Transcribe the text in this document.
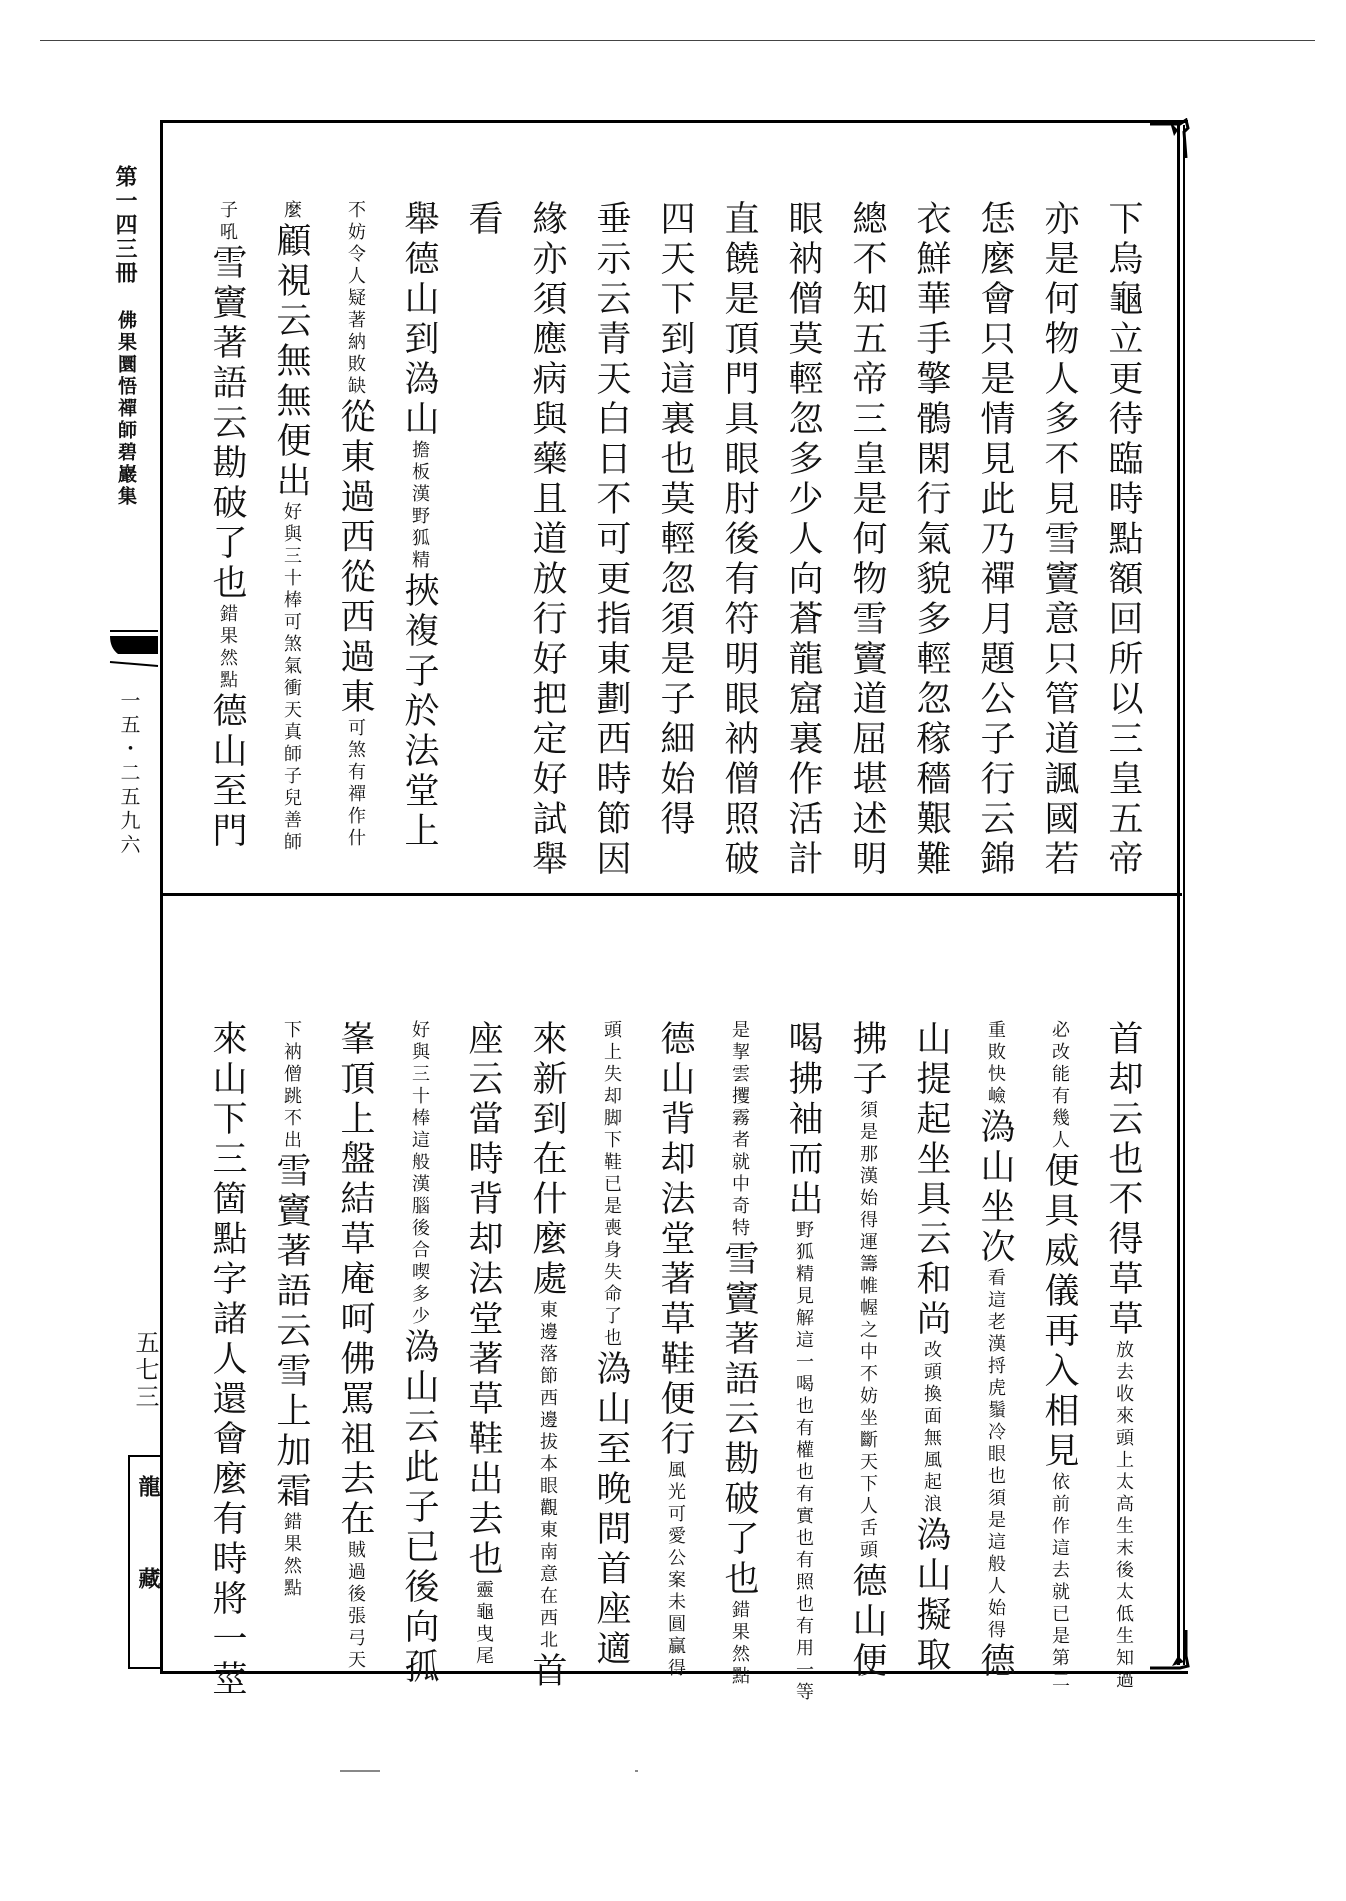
第一四三冊
佛果圜悟禪師碧巖集
一五・二五九六
五七三
龍藏
下烏龜立更待臨時點額回所以三皇五帝
亦是何物人多不見雪竇意只管道諷國若
恁麼會只是情見此乃禪月題公子行云錦
衣鮮華手擎鶻閑行氣貌多輕忽稼穡艱難
總不知五帝三皇是何物雪竇道屈堪述明
眼衲僧莫輕忽多少人向蒼龍窟裏作活計
直饒是頂門具眼肘後有符明眼衲僧照破
四天下到這裏也莫輕忽須是子細始得
垂示云青天白日不可更指東劃西時節因
緣亦須應病與藥且道放行好把定好試舉
看
舉德山到溈山擔板漢野狐精挾複子於法堂上
不妨令人疑著納敗缺從東過西從西過東可煞有禪作什
麼顧視云無無便出好與三十棒可煞氣衝天真師子兒善師
子吼雪竇著語云勘破了也錯果然點德山至門
首却云也不得草草放去收來頭上太高生末後太低生知過
必改能有幾人便具威儀再入相見依前作這去就已是第二
重敗快嶮溈山坐次看這老漢捋虎鬚冷眼也須是這般人始得德
山提起坐具云和尚改頭換面無風起浪溈山擬取
拂子須是那漢始得運籌帷幄之中不妨坐斷天下人舌頭德山便
喝拂袖而出野狐精見解這一喝也有權也有實也有照也有用一等
是挈雲攫霧者就中奇特雪竇著語云勘破了也錯果然點
德山背却法堂著草鞋便行風光可愛公案未圓贏得
頭上失却脚下鞋已是喪身失命了也溈山至晚問首座適
來新到在什麼處東邊落節西邊拔本眼觀東南意在西北首
座云當時背却法堂著草鞋出去也靈龜曳尾
好與三十棒這般漢腦後合喫多少溈山云此子已後向孤
峯頂上盤結草庵呵佛罵祖去在賊過後張弓天
下衲僧跳不出雪竇著語云雪上加霜錯果然點
來山下三箇點字諸人還會麼有時將一莖
